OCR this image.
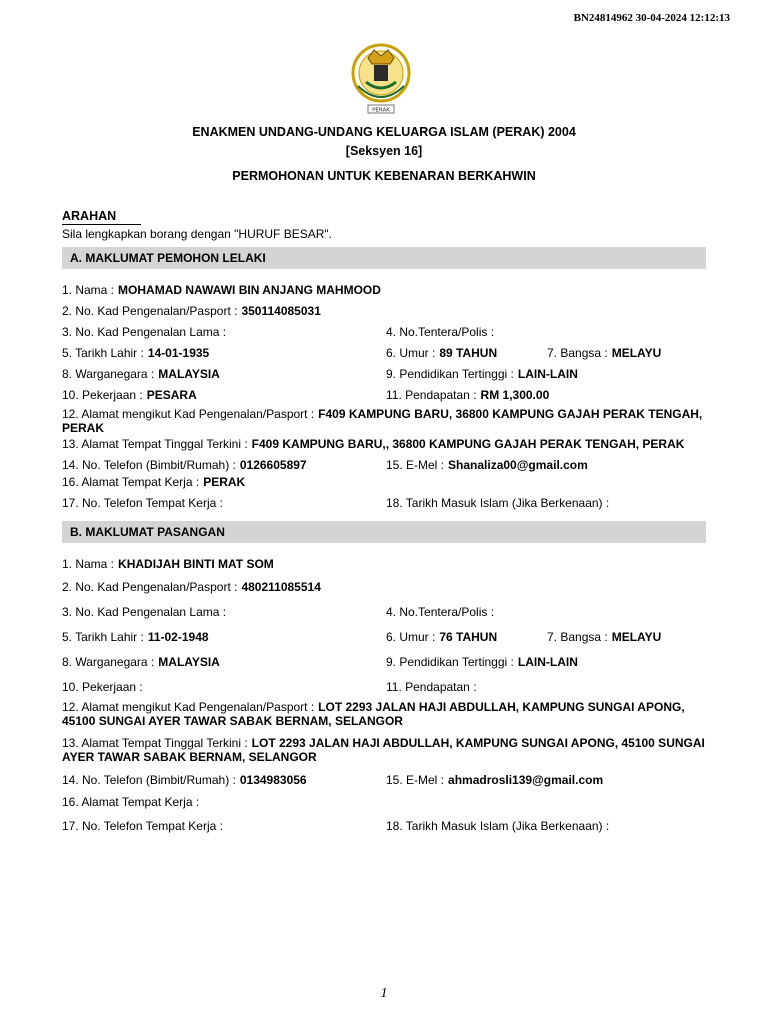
BN24814962 30-04-2024 12:12:13
PERAK
ENAKMEN UNDANG-UNDANG KELUARGA ISLAM (PERAK) 2004
[Seksyen 16]
PERMOHONAN UNTUK KEBENARAN BERKAHWIN
ARAHAN
Sila lengkapkan borang dengan "HURUF BESAR".
A. MAKLUMAT PEMOHON LELAKI
1. Nama : MOHAMAD NAWAWI BIN ANJANG MAHMOOD
2. No. Kad Pengenalan/Pasport : 350114085031
3. No. Kad Pengenalan Lama :	4. No.Tentera/Polis :
5. Tarikh Lahir : 14-01-1935	6. Umur : 89 TAHUN	7. Bangsa : MELAYU
8. Warganegara : MALAYSIA	9. Pendidikan Tertinggi : LAIN-LAIN
10. Pekerjaan : PESARA	11. Pendapatan : RM 1,300.00
12. Alamat mengikut Kad Pengenalan/Pasport : F409 KAMPUNG BARU, 36800 KAMPUNG GAJAH PERAK TENGAH, PERAK
13. Alamat Tempat Tinggal Terkini : F409 KAMPUNG BARU,, 36800 KAMPUNG GAJAH PERAK TENGAH, PERAK
14. No. Telefon (Bimbit/Rumah) : 0126605897	15. E-Mel : Shanaliza00@gmail.com
16. Alamat Tempat Kerja : PERAK
17. No. Telefon Tempat Kerja :	18. Tarikh Masuk Islam (Jika Berkenaan) :
B. MAKLUMAT PASANGAN
1. Nama : KHADIJAH BINTI MAT SOM
2. No. Kad Pengenalan/Pasport : 480211085514
3. No. Kad Pengenalan Lama :	4. No.Tentera/Polis :
5. Tarikh Lahir : 11-02-1948	6. Umur : 76 TAHUN	7. Bangsa : MELAYU
8. Warganegara : MALAYSIA	9. Pendidikan Tertinggi : LAIN-LAIN
10. Pekerjaan :	11. Pendapatan :
12. Alamat mengikut Kad Pengenalan/Pasport : LOT 2293 JALAN HAJI ABDULLAH, KAMPUNG SUNGAI APONG, 45100 SUNGAI AYER TAWAR SABAK BERNAM, SELANGOR
13. Alamat Tempat Tinggal Terkini : LOT 2293 JALAN HAJI ABDULLAH, KAMPUNG SUNGAI APONG, 45100 SUNGAI AYER TAWAR SABAK BERNAM, SELANGOR
14. No. Telefon (Bimbit/Rumah) : 0134983056	15. E-Mel : ahmadrosli139@gmail.com
16. Alamat Tempat Kerja :
17. No. Telefon Tempat Kerja :	18. Tarikh Masuk Islam (Jika Berkenaan) :
1
